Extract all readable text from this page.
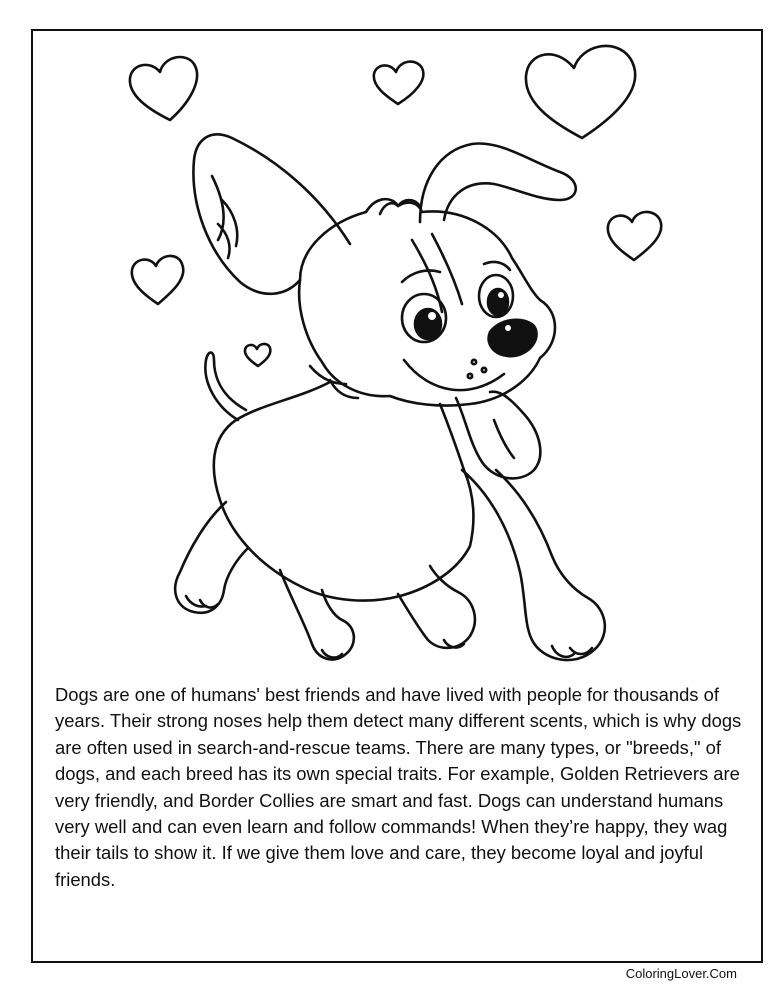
Dogs are one of humans' best friends and have lived with people for thousands of years. Their strong noses help them detect many different scents, which is why dogs are often used in search-and-rescue teams. There are many types, or "breeds," of dogs, and each breed has its own special traits. For example, Golden Retrievers are very friendly, and Border Collies are smart and fast. Dogs can understand humans very well and can even learn and follow commands! When they’re happy, they wag their tails to show it. If we give them love and care, they become loyal and joyful friends.

ColoringLover.Com
